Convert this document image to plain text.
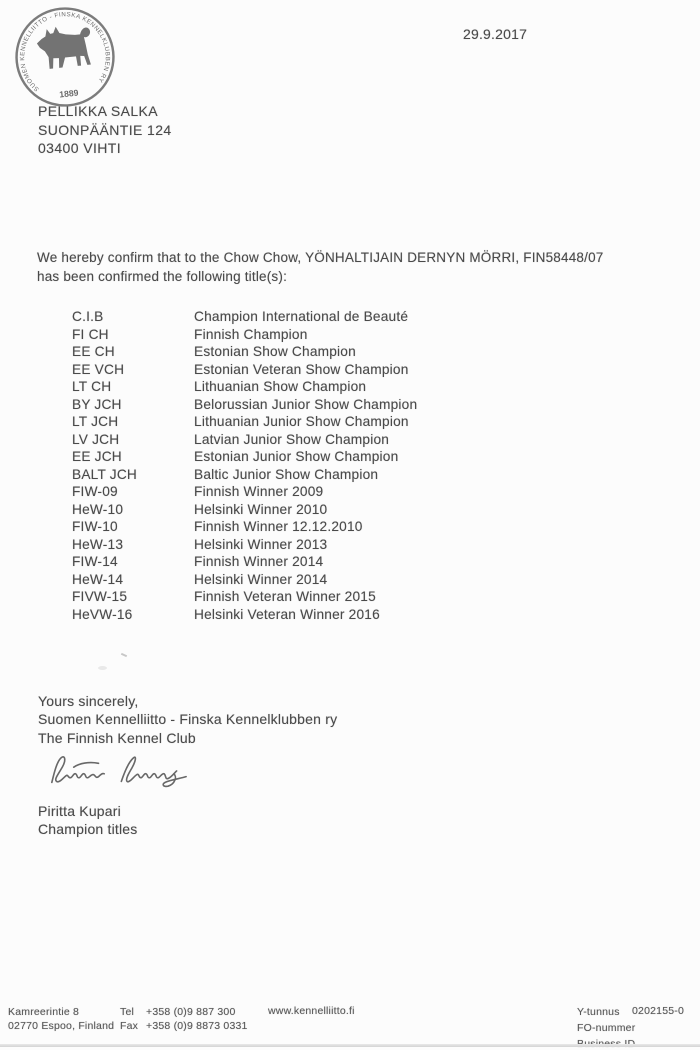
SUOMEN KENNELLIITTO - FINSKA KENNELKLUBBEN RY
1889
29.9.2017
PELLIKKA SALKA
SUONPÄÄNTIE 124
03400 VIHTI
We hereby confirm that to the Chow Chow, YÖNHALTIJAIN DERNYN MÖRRI, FIN58448/07
has been confirmed the following title(s):
C.I.B	Champion International de Beauté
FI CH	Finnish Champion
EE CH	Estonian Show Champion
EE VCH	Estonian Veteran Show Champion
LT CH	Lithuanian Show Champion
BY JCH	Belorussian Junior Show Champion
LT JCH	Lithuanian Junior Show Champion
LV JCH	Latvian Junior Show Champion
EE JCH	Estonian Junior Show Champion
BALT JCH	Baltic Junior Show Champion
FIW-09	Finnish Winner 2009
HeW-10	Helsinki Winner 2010
FIW-10	Finnish Winner 12.12.2010
HeW-13	Helsinki Winner 2013
FIW-14	Finnish Winner 2014
HeW-14	Helsinki Winner 2014
FIVW-15	Finnish Veteran Winner 2015
HeVW-16	Helsinki Veteran Winner 2016
Yours sincerely,
Suomen Kennelliitto - Finska Kennelklubben ry
The Finnish Kennel Club
Piritta Kupari
Champion titles
Kamreerintie 8
02770 Espoo, Finland
Tel +358 (0)9 887 300
Fax +358 (0)9 8873 0331
www.kennelliitto.fi	Y-tunnus
FO-nummer
0202155-0
